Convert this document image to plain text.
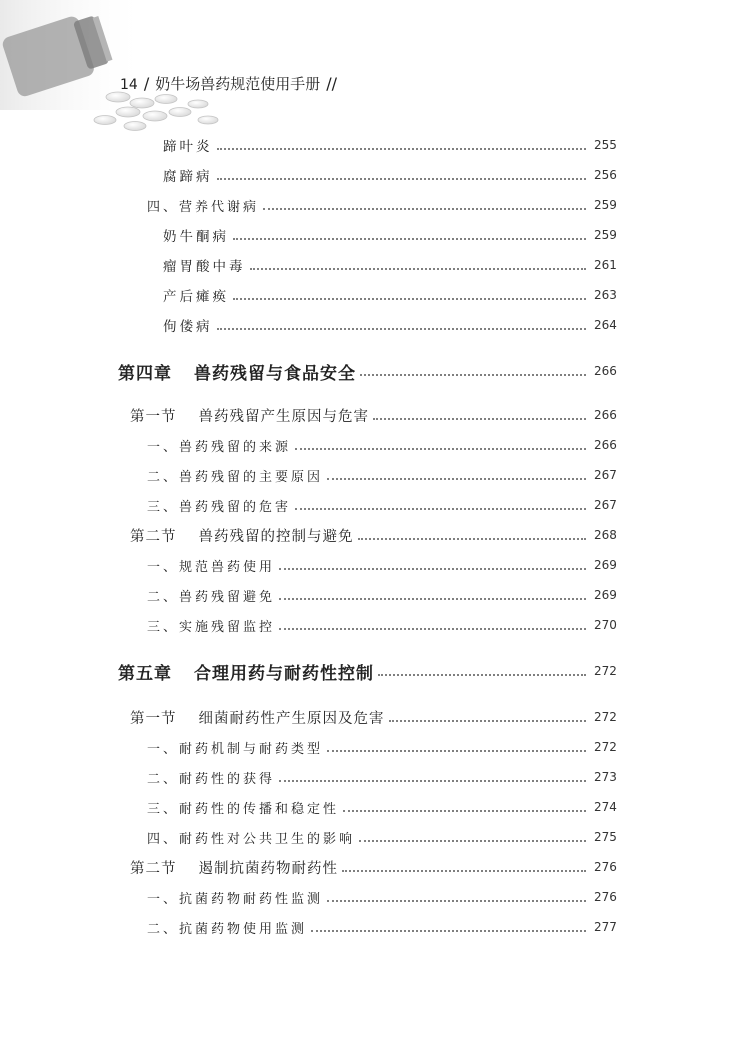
14 / 奶牛场兽药规范使用手册 //
蹄叶炎	255
腐蹄病	256
四、营养代谢病	259
奶牛酮病	259
瘤胃酸中毒	261
产后瘫痪	263
佝偻病	264
第四章 兽药残留与食品安全	266
第一节 兽药残留产生原因与危害	266
一、兽药残留的来源	266
二、兽药残留的主要原因	267
三、兽药残留的危害	267
第二节 兽药残留的控制与避免	268
一、规范兽药使用	269
二、兽药残留避免	269
三、实施残留监控	270
第五章 合理用药与耐药性控制	272
第一节 细菌耐药性产生原因及危害	272
一、耐药机制与耐药类型	272
二、耐药性的获得	273
三、耐药性的传播和稳定性	274
四、耐药性对公共卫生的影响	275
第二节 遏制抗菌药物耐药性	276
一、抗菌药物耐药性监测	276
二、抗菌药物使用监测	277
